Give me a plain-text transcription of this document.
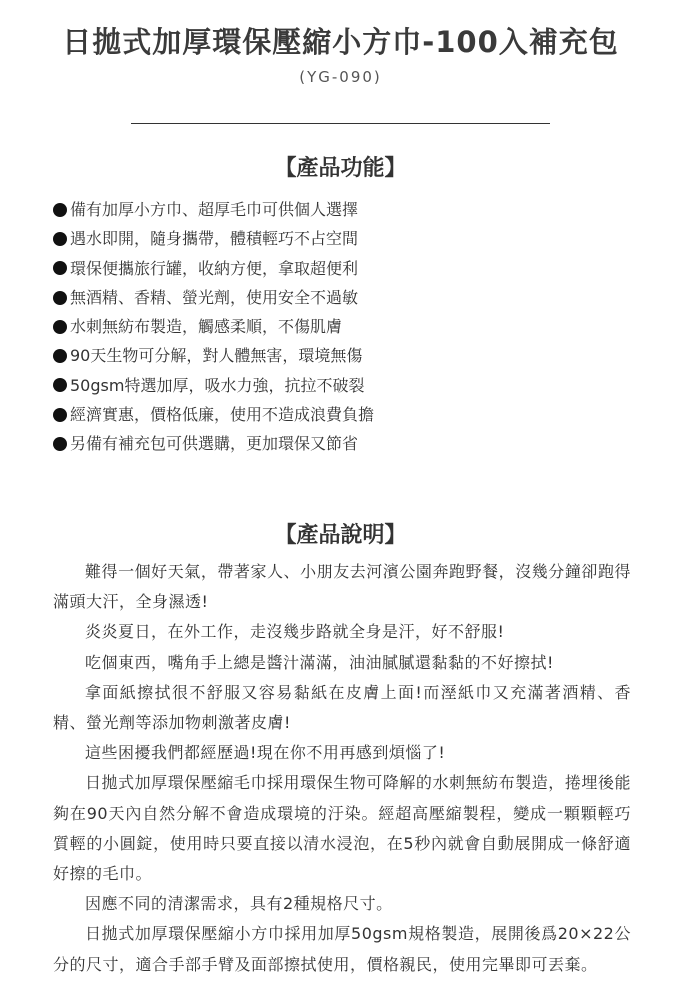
日拋式加厚環保壓縮小方巾-100入補充包
(YG-090)
【產品功能】
備有加厚小方巾、超厚毛巾可供個人選擇
遇水即開，隨身攜帶，體積輕巧不占空間
環保便攜旅行罐，收納方便，拿取超便利
無酒精、香精、螢光劑，使用安全不過敏
水刺無紡布製造，觸感柔順，不傷肌膚
90天生物可分解，對人體無害，環境無傷
50gsm特選加厚，吸水力強，抗拉不破裂
經濟實惠，價格低廉，使用不造成浪費負擔
另備有補充包可供選購，更加環保又節省
【產品說明】

難得一個好天氣，帶著家人、小朋友去河濱公園奔跑野餐，沒幾分鐘卻跑得滿頭大汗，全身濕透!

炎炎夏日，在外工作，走沒幾步路就全身是汗，好不舒服!

吃個東西，嘴角手上總是醬汁滿滿，油油膩膩還黏黏的不好擦拭!

拿面紙擦拭很不舒服又容易黏紙在皮膚上面!而溼紙巾又充滿著酒精、香精、螢光劑等添加物刺激著皮膚!

這些困擾我們都經歷過!現在你不用再感到煩惱了!

日拋式加厚環保壓縮毛巾採用環保生物可降解的水刺無紡布製造，捲埋後能夠在90天內自然分解不會造成環境的汙染。經超高壓縮製程，變成一顆顆輕巧質輕的小圓錠，使用時只要直接以清水浸泡，在5秒內就會自動展開成一條舒適好擦的毛巾。

因應不同的清潔需求，具有2種規格尺寸。

日拋式加厚環保壓縮小方巾採用加厚50gsm規格製造，展開後爲20×22公分的尺寸，適合手部手臂及面部擦拭使用，價格親民，使用完畢即可丟棄。
